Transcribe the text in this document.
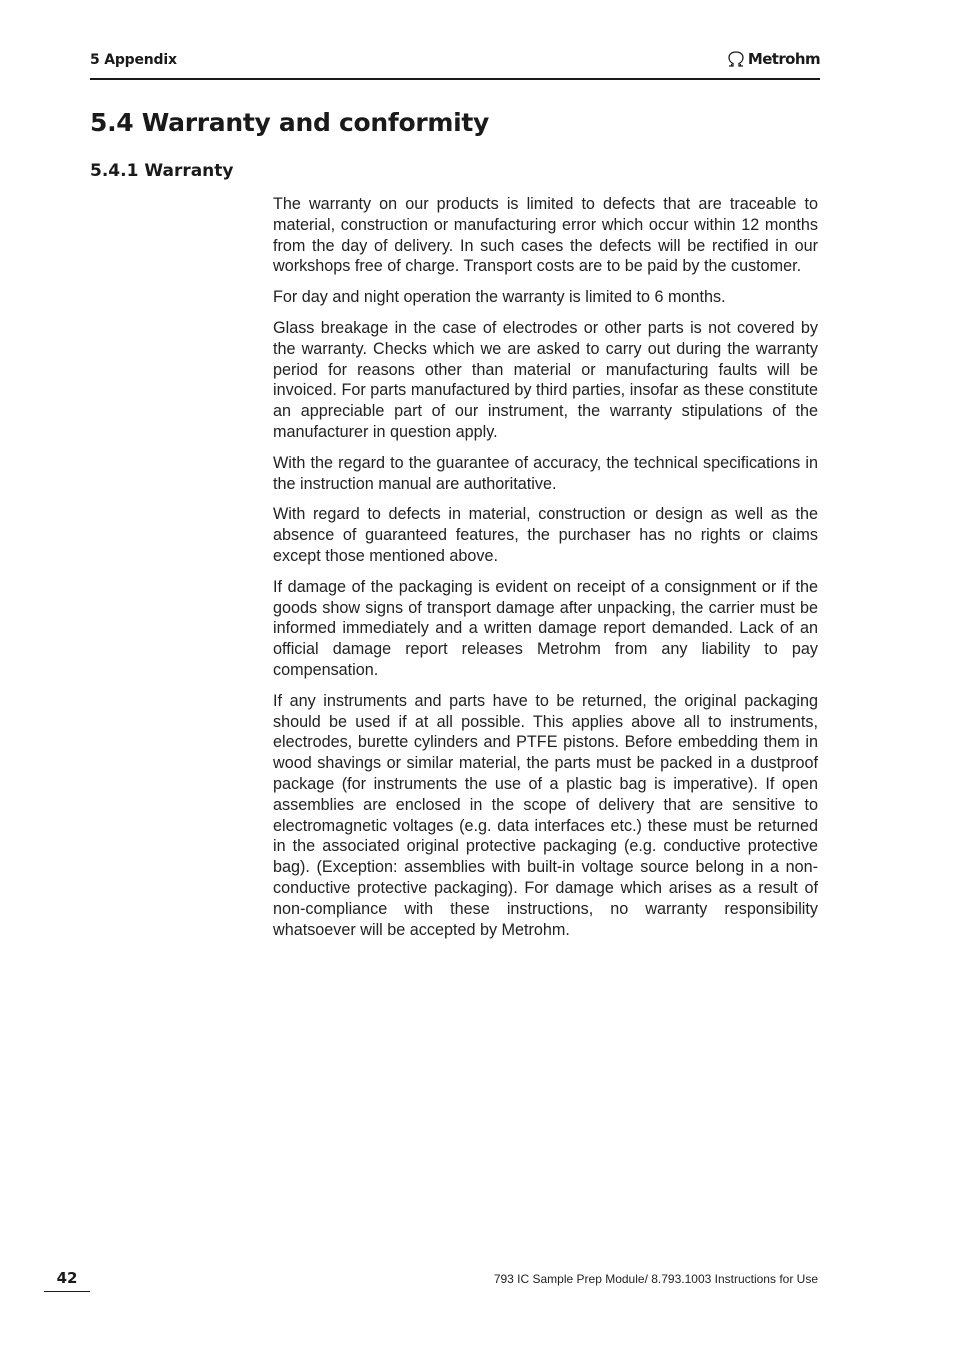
5 Appendix	Metrohm
5.4 Warranty and conformity
5.4.1 Warranty

The warranty on our products is limited to defects that are traceable to material, construction or manufacturing error which occur within 12 months from the day of delivery. In such cases the defects will be rectified in our workshops free of charge. Transport costs are to be paid by the customer.

For day and night operation the warranty is limited to 6 months.

Glass breakage in the case of electrodes or other parts is not covered by the warranty. Checks which we are asked to carry out during the warranty period for reasons other than material or manufacturing faults will be invoiced. For parts manufactured by third parties, insofar as these constitute an appreciable part of our instrument, the warranty stipulations of the manufacturer in question apply.

With the regard to the guarantee of accuracy, the technical specifications in the instruction manual are authoritative.

With regard to defects in material, construction or design as well as the absence of guaranteed features, the purchaser has no rights or claims except those mentioned above.

If damage of the packaging is evident on receipt of a consignment or if the goods show signs of transport damage after unpacking, the carrier must be informed immediately and a written damage report demanded. Lack of an official damage report releases Metrohm from any liability to pay compensation.

If any instruments and parts have to be returned, the original packaging should be used if at all possible. This applies above all to instruments, electrodes, burette cylinders and PTFE pistons. Before embedding them in wood shavings or similar material, the parts must be packed in a dustproof package (for instruments the use of a plastic bag is imperative). If open assemblies are enclosed in the scope of delivery that are sensitive to electromagnetic voltages (e.g. data interfaces etc.) these must be returned in the associated original protective packaging (e.g. conductive protective bag). (Exception: assemblies with built-in voltage source belong in a non-conductive protective packaging). For damage which arises as a result of non-compliance with these instructions, no warranty responsibility whatsoever will be accepted by Metrohm.

42	793 IC Sample Prep Module/ 8.793.1003 Instructions for Use
